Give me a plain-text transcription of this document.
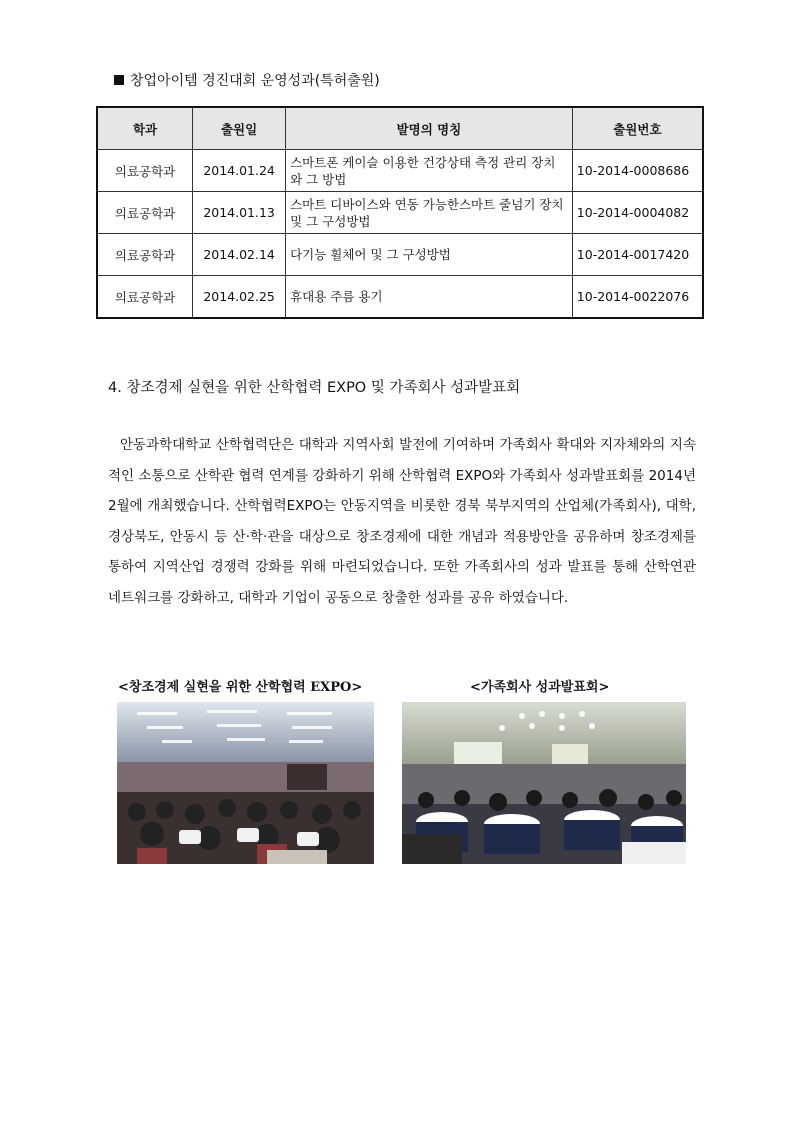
창업아이템 경진대회 운영성과(특허출원)
학과	출원일	발명의 명칭	출원번호
의료공학과	2014.01.24	스마트폰 케이슬 이용한 건강상태 측정 관리 장치 와 그 방법	10-2014-0008686
의료공학과	2014.01.13	스마트 디바이스와 연동 가능한스마트 줄넘기 장치 및 그 구성방법	10-2014-0004082
의료공학과	2014.02.14	다기능 휠체어 및 그 구성방법	10-2014-0017420
의료공학과	2014.02.25	휴대용 주름 용기	10-2014-0022076
4. 창조경제 실현을 위한 산학협력 EXPO 및 가족회사 성과발표회

안동과학대학교 산학협력단은 대학과 지역사회 발전에 기여하며 가족회사 확대와 지자체와의 지속적인 소통으로 산학관 협력 연계를 강화하기 위해 산학협력 EXPO와 가족회사 성과발표회를 2014년 2월에 개최했습니다. 산학협력EXPO는 안동지역을 비롯한 경북 북부지역의 산업체(가족회사), 대학, 경상북도, 안동시 등 산·학·관을 대상으로 창조경제에 대한 개념과 적용방안을 공유하며 창조경제를 통하여 지역산업 경쟁력 강화를 위해 마련되었습니다. 또한 가족회사의 성과 발표를 통해 산학연관 네트워크를 강화하고, 대학과 기업이 공동으로 창출한 성과를 공유 하였습니다.

<창조경제 실현을 위한 산학협력 EXPO>	<가족회사 성과발표회>
